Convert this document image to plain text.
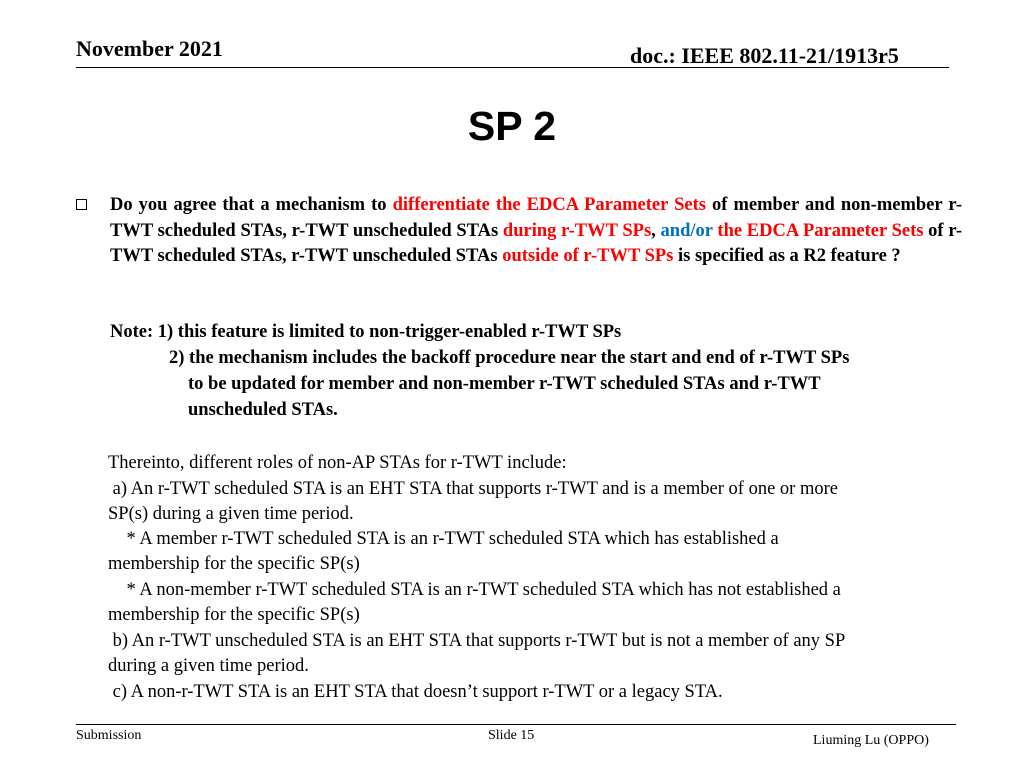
November 2021	doc.: IEEE 802.11-21/1913r5
SP 2
Do you agree that a mechanism to differentiate the EDCA Parameter Sets of member and non-member r-TWT scheduled STAs, r-TWT unscheduled STAs during r-TWT SPs, and/or the EDCA Parameter Sets of r-TWT scheduled STAs, r-TWT unscheduled STAs outside of r-TWT SPs is specified as a R2 feature ?
Note: 1) this feature is limited to non-trigger-enabled r-TWT SPs
2) the mechanism includes the backoff procedure near the start and end of r-TWT SPs
to be updated for member and non-member r-TWT scheduled STAs and r-TWT
unscheduled STAs.
Thereinto, different roles of non-AP STAs for r-TWT include:
a) An r-TWT scheduled STA is an EHT STA that supports r-TWT and is a member of one or more
SP(s) during a given time period.
* A member r-TWT scheduled STA is an r-TWT scheduled STA which has established a
membership for the specific SP(s)
* A non-member r-TWT scheduled STA is an r-TWT scheduled STA which has not established a
membership for the specific SP(s)
b) An r-TWT unscheduled STA is an EHT STA that supports r-TWT but is not a member of any SP
during a given time period.
c) A non-r-TWT STA is an EHT STA that doesn’t support r-TWT or a legacy STA.
Submission	Slide 15	Liuming Lu (OPPO)
